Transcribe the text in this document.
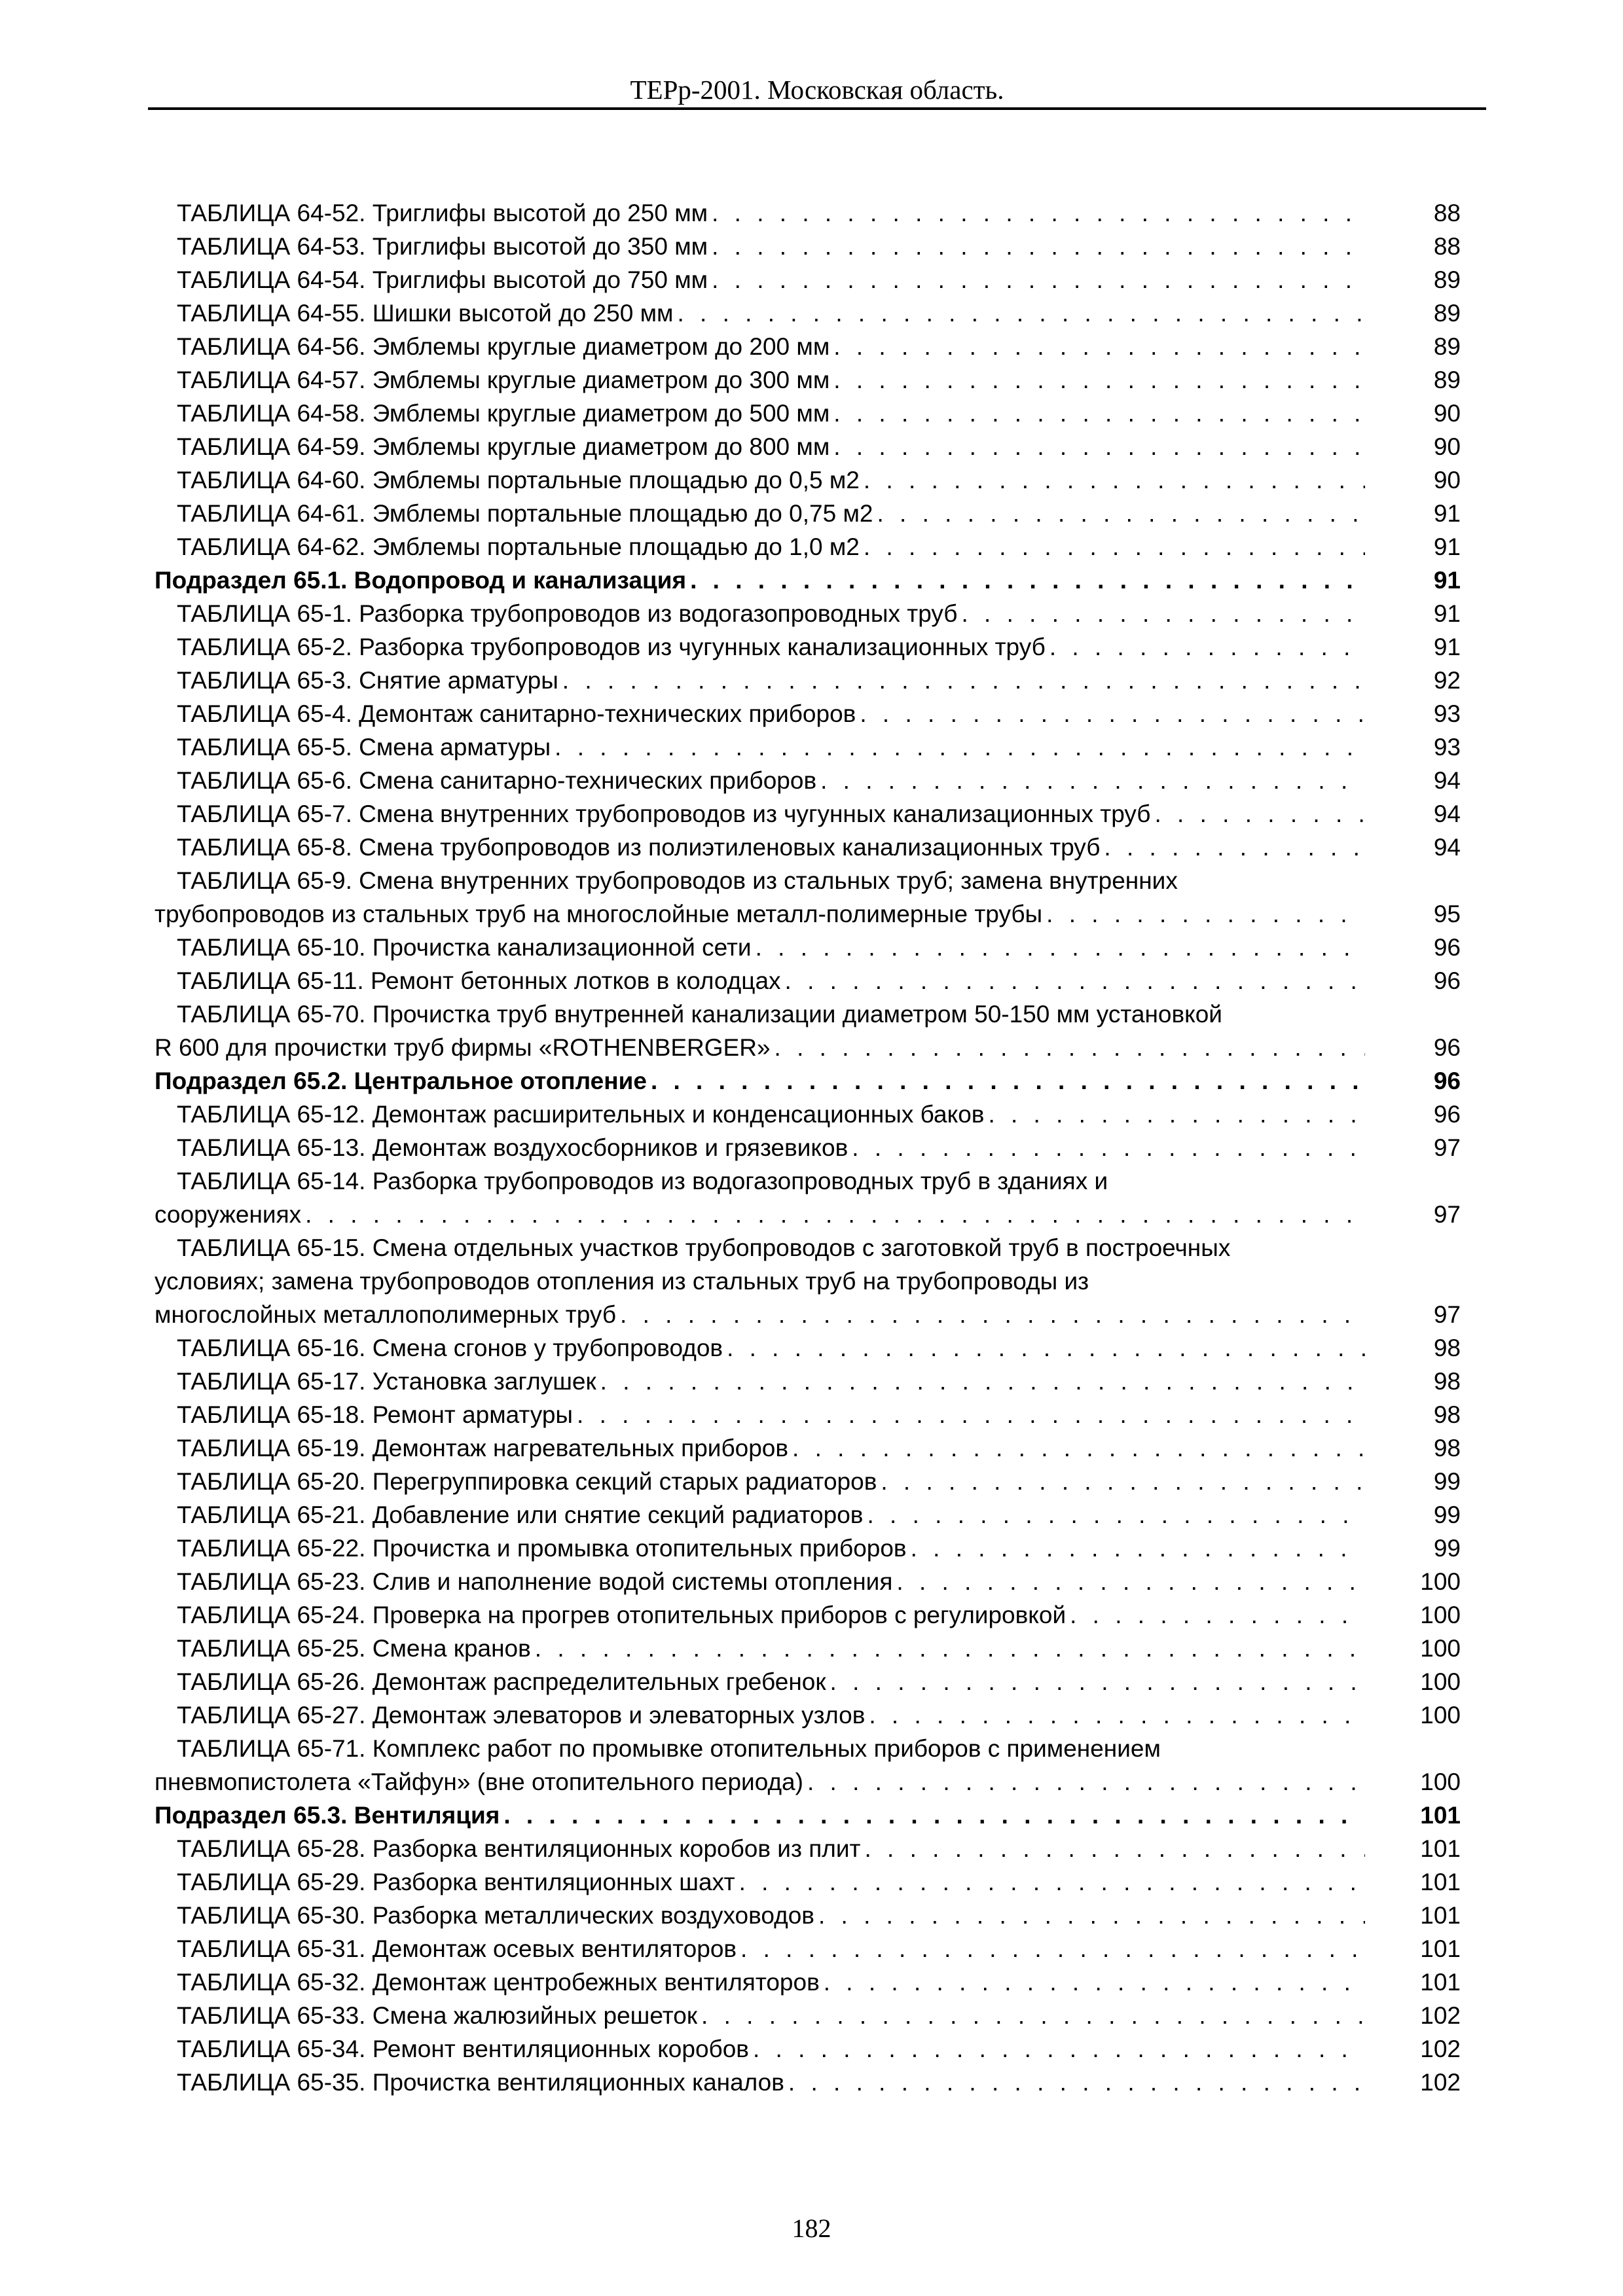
ТЕРр-2001. Московская область.
ТАБЛИЦА 64-52. Триглифы высотой до 250 мм . . .	88
ТАБЛИЦА 64-53. Триглифы высотой до 350 мм . . .	88
ТАБЛИЦА 64-54. Триглифы высотой до 750 мм . . .	89
ТАБЛИЦА 64-55. Шишки высотой до 250 мм . . .	89
ТАБЛИЦА 64-56. Эмблемы круглые диаметром до 200 мм . . .	89
ТАБЛИЦА 64-57. Эмблемы круглые диаметром до 300 мм . . .	89
ТАБЛИЦА 64-58. Эмблемы круглые диаметром до 500 мм . . .	90
ТАБЛИЦА 64-59. Эмблемы круглые диаметром до 800 мм . . .	90
ТАБЛИЦА 64-60. Эмблемы портальные площадью до 0,5 м2 . . .	90
ТАБЛИЦА 64-61. Эмблемы портальные площадью до 0,75 м2 . . .	91
ТАБЛИЦА 64-62. Эмблемы портальные площадью до 1,0 м2 . . .	91
Подраздел 65.1. Водопровод и канализация . . .	91
ТАБЛИЦА 65-1. Разборка трубопроводов из водогазопроводных труб . . .	91
ТАБЛИЦА 65-2. Разборка трубопроводов из чугунных канализационных труб . . .	91
ТАБЛИЦА 65-3. Снятие арматуры . . .	92
ТАБЛИЦА 65-4. Демонтаж санитарно-технических приборов . . .	93
ТАБЛИЦА 65-5. Смена арматуры . . .	93
ТАБЛИЦА 65-6. Смена санитарно-технических приборов . . .	94
ТАБЛИЦА 65-7. Смена внутренних трубопроводов из чугунных канализационных труб . . .	94
ТАБЛИЦА 65-8. Смена трубопроводов из полиэтиленовых канализационных труб . . .	94
ТАБЛИЦА 65-9. Смена внутренних трубопроводов из стальных труб; замена внутренних
трубопроводов из стальных труб на многослойные металл-полимерные трубы . . .	95
ТАБЛИЦА 65-10. Прочистка канализационной сети . . .	96
ТАБЛИЦА 65-11. Ремонт бетонных лотков в колодцах . . .	96
ТАБЛИЦА 65-70. Прочистка труб внутренней канализации диаметром 50-150 мм установкой
R 600 для прочистки труб фирмы «ROTHENBERGER» . . .	96
Подраздел 65.2. Центральное отопление . . .	96
ТАБЛИЦА 65-12. Демонтаж расширительных и конденсационных баков . . .	96
ТАБЛИЦА 65-13. Демонтаж воздухосборников и грязевиков . . .	97
ТАБЛИЦА 65-14. Разборка трубопроводов из водогазопроводных труб в зданиях и
сооружениях . . .	97
ТАБЛИЦА 65-15. Смена отдельных участков трубопроводов с заготовкой труб в построечных
условиях; замена трубопроводов отопления из стальных труб на трубопроводы из
многослойных металлополимерных труб . . .	97
ТАБЛИЦА 65-16. Смена сгонов у трубопроводов . . .	98
ТАБЛИЦА 65-17. Установка заглушек . . .	98
ТАБЛИЦА 65-18. Ремонт арматуры . . .	98
ТАБЛИЦА 65-19. Демонтаж нагревательных приборов . . .	98
ТАБЛИЦА 65-20. Перегруппировка секций старых радиаторов . . .	99
ТАБЛИЦА 65-21. Добавление или снятие секций радиаторов . . .	99
ТАБЛИЦА 65-22. Прочистка и промывка отопительных приборов . . .	99
ТАБЛИЦА 65-23. Слив и наполнение водой системы отопления . . .	100
ТАБЛИЦА 65-24. Проверка на прогрев отопительных приборов с регулировкой . . .	100
ТАБЛИЦА 65-25. Смена кранов . . .	100
ТАБЛИЦА 65-26. Демонтаж распределительных гребенок . . .	100
ТАБЛИЦА 65-27. Демонтаж элеваторов и элеваторных узлов . . .	100
ТАБЛИЦА 65-71. Комплекс работ по промывке отопительных приборов с применением
пневмопистолета «Тайфун» (вне отопительного периода) . . .	100
Подраздел 65.3. Вентиляция . . .	101
ТАБЛИЦА 65-28. Разборка вентиляционных коробов из плит . . .	101
ТАБЛИЦА 65-29. Разборка вентиляционных шахт . . .	101
ТАБЛИЦА 65-30. Разборка металлических воздуховодов . . .	101
ТАБЛИЦА 65-31. Демонтаж осевых вентиляторов . . .	101
ТАБЛИЦА 65-32. Демонтаж центробежных вентиляторов . . .	101
ТАБЛИЦА 65-33. Смена жалюзийных решеток . . .	102
ТАБЛИЦА 65-34. Ремонт вентиляционных коробов . . .	102
ТАБЛИЦА 65-35. Прочистка вентиляционных каналов . . .	102
182
